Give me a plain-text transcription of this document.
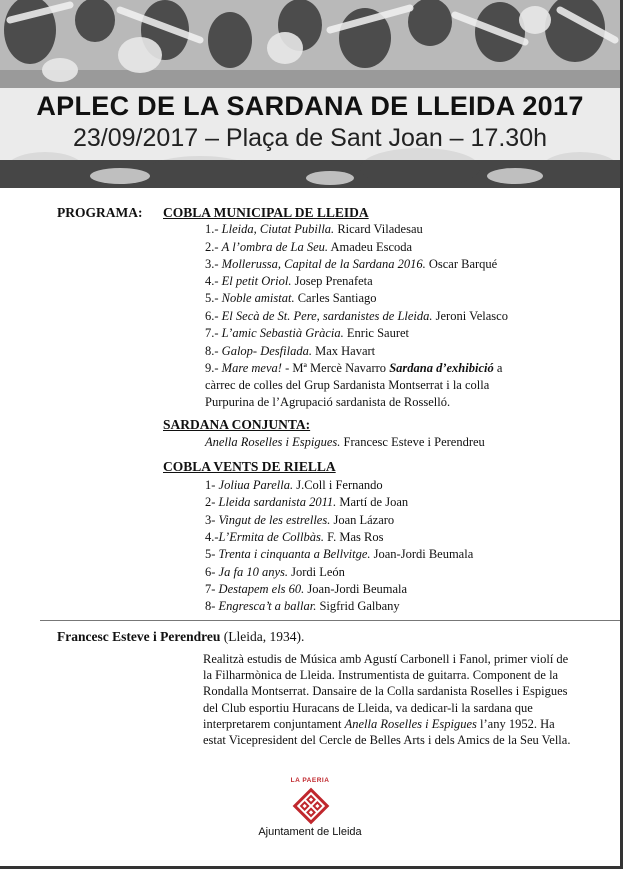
APLEC DE LA SARDANA DE LLEIDA 2017
23/09/2017 – Plaça de Sant Joan – 17.30h
PROGRAMA: COBLA MUNICIPAL DE LLEIDA
1.- Lleida, Ciutat Pubilla. Ricard Viladesau
2.- A l’ombra de La Seu. Amadeu Escoda
3.- Mollerussa, Capital de la Sardana 2016. Oscar Barqué
4.- El petit Oriol. Josep Prenafeta
5.- Noble amistat. Carles Santiago
6.- El Secà de St. Pere, sardanistes de Lleida. Jeroni Velasco
7.- L’amic Sebastià Gràcia. Enric Sauret
8.- Galop- Desfilada. Max Havart
9.- Mare meva! - Mª Mercè Navarro Sardana d’exhibició a
càrrec de colles del Grup Sardanista Montserrat i la colla
Purpurina de l’Agrupació sardanista de Rosselló.
SARDANA CONJUNTA:
Anella Roselles i Espigues. Francesc Esteve i Perendreu
COBLA VENTS DE RIELLA
1- Joliua Parella. J.Coll i Fernando
2- Lleida sardanista 2011. Martí de Joan
3- Vingut de les estrelles. Joan Lázaro
4.-L’Ermita de Collbàs. F. Mas Ros
5- Trenta i cinquanta a Bellvitge. Joan-Jordi Beumala
6- Ja fa 10 anys. Jordi León
7- Destapem els 60. Joan-Jordi Beumala
8- Engresca’t a ballar. Sigfrid Galbany
Francesc Esteve i Perendreu (Lleida, 1934).
Realitzà estudis de Música amb Agustí Carbonell i Fanol, primer violí de la Filharmònica de Lleida. Instrumentista de guitarra. Component de la Rondalla Montserrat. Dansaire de la Colla sardanista Roselles i Espigues del Club esportiu Huracans de Lleida, va dedicar-li la sardana que interpretarem conjuntament Anella Roselles i Espigues l’any 1952. Ha estat Vicepresident del Cercle de Belles Arts i dels Amics de la Seu Vella.
LA PAERIA
Ajuntament de Lleida
